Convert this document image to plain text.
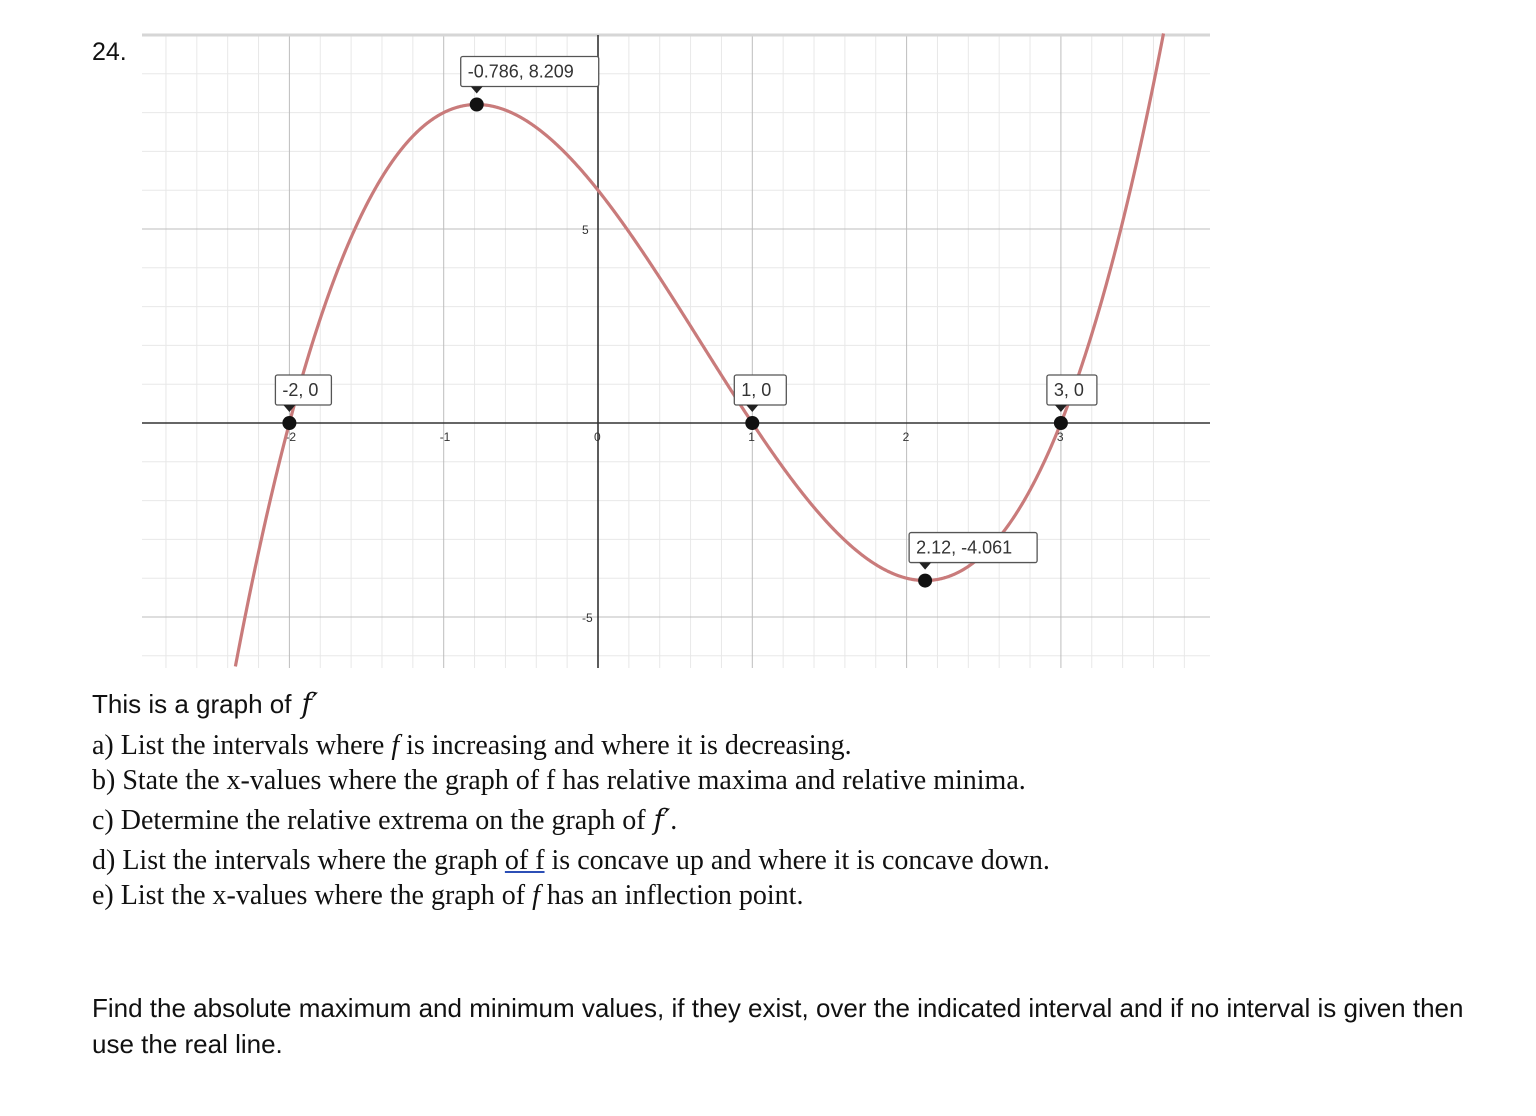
24.
-2	-1	0	1	2	3
5
-5
-0.786, 8.209
-2, 0	1, 0	3, 0
2.12, -4.061
This is a graph of f′
a) List the intervals where f is increasing and where it is decreasing.
b) State the x-values where the graph of f has relative maxima and relative minima.
c) Determine the relative extrema on the graph of f′.
d) List the intervals where the graph of f is concave up and where it is concave down.
e) List the x-values where the graph of f has an inflection point.
Find the absolute maximum and minimum values, if they exist, over the indicated interval and if no interval is given then use the real line.
